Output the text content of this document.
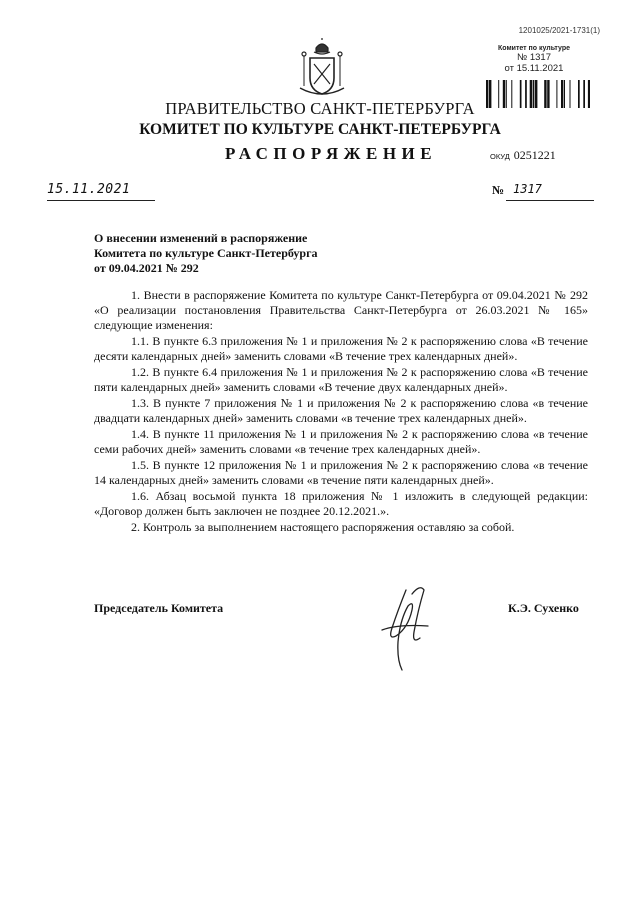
1201025/2021-1731(1)
Комитет по культуре
№ 1317
от 15.11.2021
ПРАВИТЕЛЬСТВО САНКТ-ПЕТЕРБУРГА
КОМИТЕТ ПО КУЛЬТУРЕ САНКТ-ПЕТЕРБУРГА
РАСПОРЯЖЕНИЕ	ОКУД 0251221
15.11.2021	№ 1317
О внесении изменений в распоряжение
Комитета по культуре Санкт-Петербурга
от 09.04.2021 № 292

1. Внести в распоряжение Комитета по культуре Санкт-Петербурга от 09.04.2021 № 292 «О реализации постановления Правительства Санкт-Петербурга от 26.03.2021 № 165» следующие изменения:

1.1. В пункте 6.3 приложения № 1 и приложения № 2 к распоряжению слова «В течение десяти календарных дней» заменить словами «В течение трех календарных дней».

1.2. В пункте 6.4 приложения № 1 и приложения № 2 к распоряжению слова «В течение пяти календарных дней» заменить словами «В течение двух календарных дней».

1.3. В пункте 7 приложения № 1 и приложения № 2 к распоряжению слова «в течение двадцати календарных дней» заменить словами «в течение трех календарных дней».

1.4. В пункте 11 приложения № 1 и приложения № 2 к распоряжению слова «в течение семи рабочих дней» заменить словами «в течение трех календарных дней».

1.5. В пункте 12 приложения № 1 и приложения № 2 к распоряжению слова «в течение 14 календарных дней» заменить словами «в течение пяти календарных дней».

1.6. Абзац восьмой пункта 18 приложения № 1 изложить в следующей редакции: «Договор должен быть заключен не позднее 20.12.2021.».

2. Контроль за выполнением настоящего распоряжения оставляю за собой.

Председатель Комитета	К.Э. Сухенко
